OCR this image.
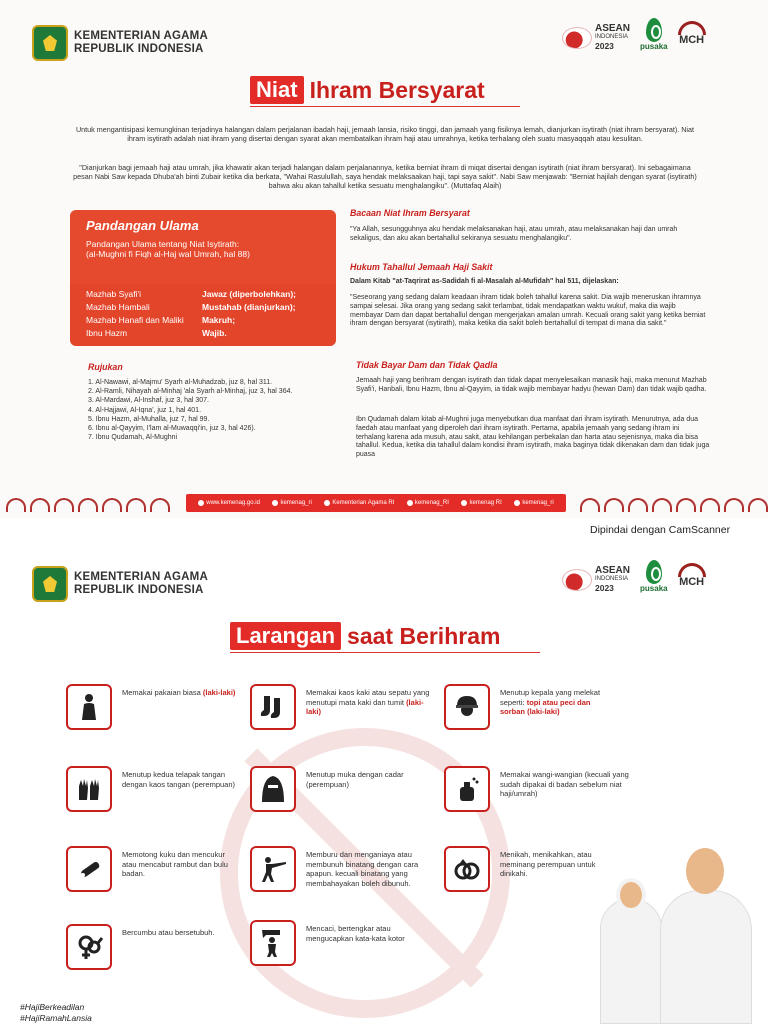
KEMENTERIAN AGAMA
REPUBLIK INDONESIA
ASEAN
INDONESIA
2023	pusaka
MCH

Niat Ihram Bersyarat

Untuk mengantisipasi kemungkinan terjadinya halangan dalam perjalanan ibadah haji, jemaah lansia, risiko tinggi, dan jamaah yang fisiknya lemah, dianjurkan isytirath (niat ihram bersyarat). Niat ihram isytirath adalah niat ihram yang disertai dengan syarat akan membatalkan ihram haji atau umrahnya, ketika terhalang oleh suatu masyaqqah atau kesulitan.

"Dianjurkan bagi jemaah haji atau umrah, jika khawatir akan terjadi halangan dalam perjalanannya, ketika berniat ihram di miqat disertai dengan isytirath (niat ihram bersyarat). Ini sebagaimana pesan Nabi Saw kepada Dhuba'ah binti Zubair ketika dia berkata, "Wahai Rasulullah, saya hendak melaksaakan haji, tapi saya sakit". Nabi Saw menjawab: "Berniat hajilah dengan syarat (isytirath) bahwa aku akan tahallul ketika sesuatu menghalangiku". (Muttafaq Alaih)

Pandangan Ulama
Pandangan Ulama tentang Niat Isytirath:
(al-Mughni fi Fiqh al-Haj wal Umrah, hal 88)
Mazhab Syafi'i	Jawaz (diperbolehkan);
Mazhab Hambali	Mustahab (dianjurkan);
Mazhab Hanafi dan Maliki	Makruh;
Ibnu Hazm	Wajib.
Bacaan Niat Ihram Bersyarat

"Ya Allah, sesungguhnya aku hendak melaksanakan haji, atau umrah, atau melaksanakan haji dan umrah sekaligus, dan aku akan bertahallul sekiranya sesuatu menghalangiku".

Hukum Tahallul Jemaah Haji Sakit

Dalam Kitab "at-Taqrirat as-Sadidah fi al-Masalah al-Mufidah" hal 511, dijelaskan:

"Seseorang yang sedang dalam keadaan ihram tidak boleh tahallul karena sakit. Dia wajib meneruskan ihramnya sampai selesai. Jika orang yang sedang sakit terlambat, tidak mendapatkan waktu wukuf, maka dia wajib membayar Dam dan dapat bertahallul dengan mengerjakan amalan umrah. Kecuali orang sakit yang ketika berniat ihram dengan bersyarat (isytirath), maka ketika dia sakit boleh bertahallul di tempat di mana dia sakit."

Tidak Bayar Dam dan Tidak Qadla

Jemaah haji yang berihram dengan isytirath dan tidak dapat menyelesaikan manasik haji, maka menurut Mazhab Syafi'i, Hanbali, Ibnu Hazm, Ibnu al-Qayyim, ia tidak wajib membayar hadyu (hewan Dam) dan tidak wajib qadha.

Ibn Qudamah dalam kitab al-Mughni juga menyebutkan dua manfaat dari ihram isytirath. Menurutnya, ada dua faedah atau manfaat yang diperoleh dari ihram isytirath. Pertama, apabila jemaah yang sedang ihram ini terhalang karena ada musuh, atau sakit, atau kehilangan perbekalan dan harta atau sejenisnya, maka dia bisa tahallul. Kedua, ketika dia tahallul dalam kondisi ihram isytirath, maka baginya tidak dikenakan dam dan tidak juga puasa

Rujukan
1. Al-Nawawi, al-Majmu' Syarh al-Muhadzab, juz 8, hal 311.
2. Al-Ramli, Nihayah al-Minhaj 'ala Syarh al-Minhaj, juz 3, hal 364.
3. Al-Mardawi, Al-Inshaf, juz 3, hal 307.
4. Al-Hajjawi, Al-Iqna', juz 1, hal 401.
5. Ibnu Hazm, al-Muhalla, juz 7, hal 99.
6. Ibnu al-Qayyim, I'lam al-Muwaqqi'in, juz 3, hal 426).
7. Ibnu Qudamah, Al-Mughni
www.kemenag.go.id	kemenag_ri	Kementerian Agama RI	kemenag_RI	kemenag RI	kemenag_ri
Dipindai dengan CamScanner
KEMENTERIAN AGAMA
REPUBLIK INDONESIA
ASEAN
INDONESIA
2023	pusaka
MCH

Larangan saat Berihram
Memakai pakaian biasa (laki-laki)
Menutup kedua telapak tangan dengan kaos tangan (perempuan)
Memotong kuku dan mencukur atau mencabut rambut dan bulu badan.
Bercumbu atau bersetubuh.
Memakai kaos kaki atau sepatu yang menutupi mata kaki dan tumit (laki-laki)
Menutup muka dengan cadar (perempuan)
Memburu dan menganiaya atau membunuh binatang dengan cara apapun. kecuali binatang yang membahayakan boleh dibunuh.
Mencaci, bertengkar atau mengucapkan kata-kata kotor
Menutup kepala yang melekat seperti: topi atau peci dan sorban (laki-laki)
Memakai wangi-wangian (kecuali yang sudah dipakai di badan sebelum niat haji/umrah)
Menikah, menikahkan, atau meminang perempuan untuk dinikahi.
#HajiBerkeadilan
#HajiRamahLansia
